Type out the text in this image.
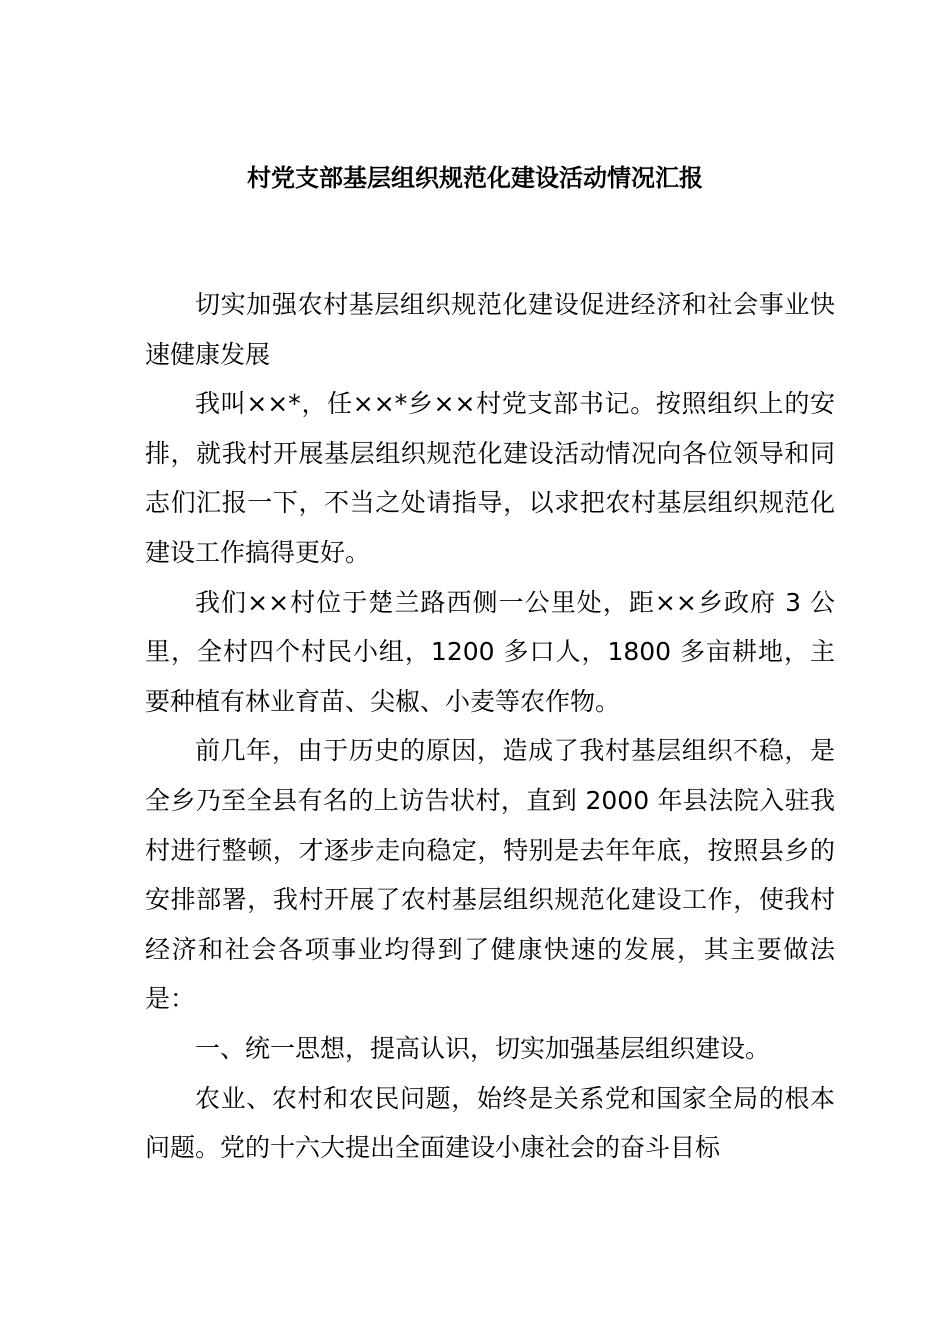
村党支部基层组织规范化建设活动情况汇报

切实加强农村基层组织规范化建设促进经济和社会事业快速健康发展

我叫××*，任××*乡××村党支部书记。按照组织上的安排，就我村开展基层组织规范化建设活动情况向各位领导和同志们汇报一下，不当之处请指导，以求把农村基层组织规范化建设工作搞得更好。

我们××村位于楚兰路西侧一公里处，距××乡政府 3 公里，全村四个村民小组，1200 多口人，1800 多亩耕地，主要种植有林业育苗、尖椒、小麦等农作物。

前几年，由于历史的原因，造成了我村基层组织不稳，是全乡乃至全县有名的上访告状村，直到 2000 年县法院入驻我村进行整顿，才逐步走向稳定，特别是去年年底，按照县乡的安排部署，我村开展了农村基层组织规范化建设工作，使我村经济和社会各项事业均得到了健康快速的发展，其主要做法是：

一、统一思想，提高认识，切实加强基层组织建设。

农业、农村和农民问题，始终是关系党和国家全局的根本问题。党的十六大提出全面建设小康社会的奋斗目标
